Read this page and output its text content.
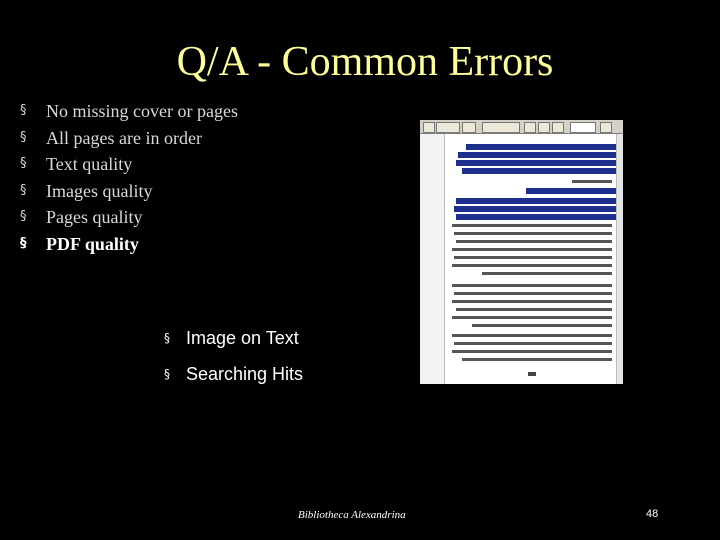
Q/A - Common Errors
§ No missing cover or pages
§ All pages are in order
§ Text quality
§ Images quality
§ Pages quality
§ PDF quality
§ Image on Text
§ Searching Hits
Bibliotheca Alexandrina	48
